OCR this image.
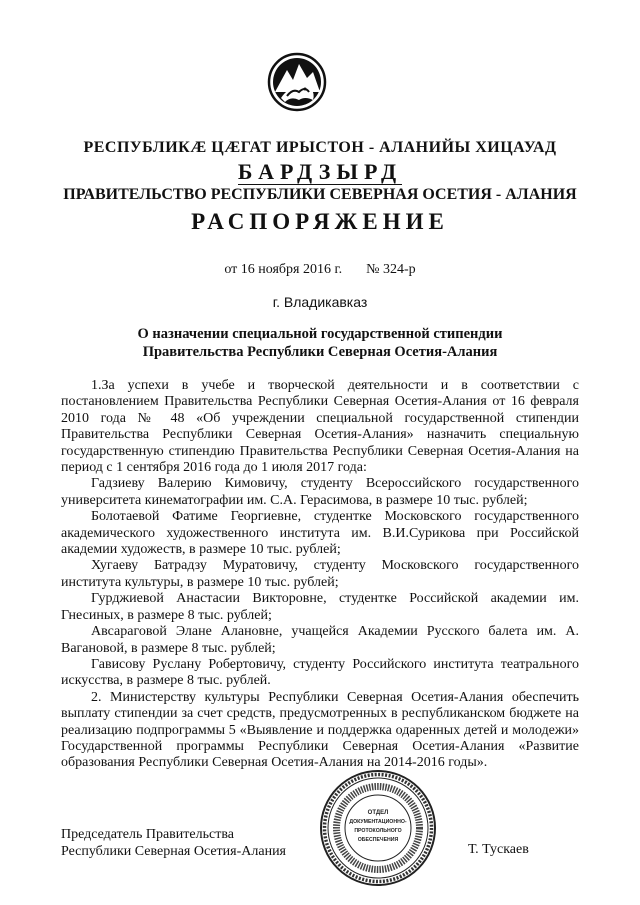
РЕСПУБЛИКӔ ЦӔГАТ ИРЫСТОН - АЛАНИЙЫ ХИЦАУАД
БАРДЗЫРД
ПРАВИТЕЛЬСТВО РЕСПУБЛИКИ СЕВЕРНАЯ ОСЕТИЯ - АЛАНИЯ
РАСПОРЯЖЕНИЕ
от 16 ноября 2016 г. № 324-р
г. Владикавказ
О назначении специальной государственной стипендии
Правительства Республики Северная Осетия-Алания

1.За успехи в учебе и творческой деятельности и в соответствии с постановлением Правительства Республики Северная Осетия-Алания от 16 февраля 2010 года № 48 «Об учреждении специальной государственной стипендии Правительства Республики Северная Осетия-Алания» назначить специальную государственную стипендию Правительства Республики Северная Осетия-Алания на период с 1 сентября 2016 года до 1 июля 2017 года:

Гадзиеву Валерию Кимовичу, студенту Всероссийского государственного университета кинематографии им. С.А. Герасимова, в размере 10 тыс. рублей;

Болотаевой Фатиме Георгиевне, студентке Московского государственного академического художественного института им. В.И.Сурикова при Российской академии художеств, в размере 10 тыс. рублей;

Хугаеву Батрадзу Муратовичу, студенту Московского государственного института культуры, в размере 10 тыс. рублей;

Гурджиевой Анастасии Викторовне, студентке Российской академии им. Гнесиных, в размере 8 тыс. рублей;

Авсараговой Элане Алановне, учащейся Академии Русского балета им. А. Вагановой, в размере 8 тыс. рублей;

Гависову Руслану Робертовичу, студенту Российского института театрального искусства, в размере 8 тыс. рублей.

2. Министерству культуры Республики Северная Осетия-Алания обеспечить выплату стипендии за счет средств, предусмотренных в республиканском бюджете на реализацию подпрограммы 5 «Выявление и поддержка одаренных детей и молодежи» Государственной программы Республики Северная Осетия-Алания «Развитие образования Республики Северная Осетия-Алания на 2014-2016 годы».

ОТДЕЛ
ДОКУМЕНТАЦИОННО-
ПРОТОКОЛЬНОГО
ОБЕСПЕЧЕНИЯ
Председатель Правительства
Республики Северная Осетия-Алания	Т. Тускаев
